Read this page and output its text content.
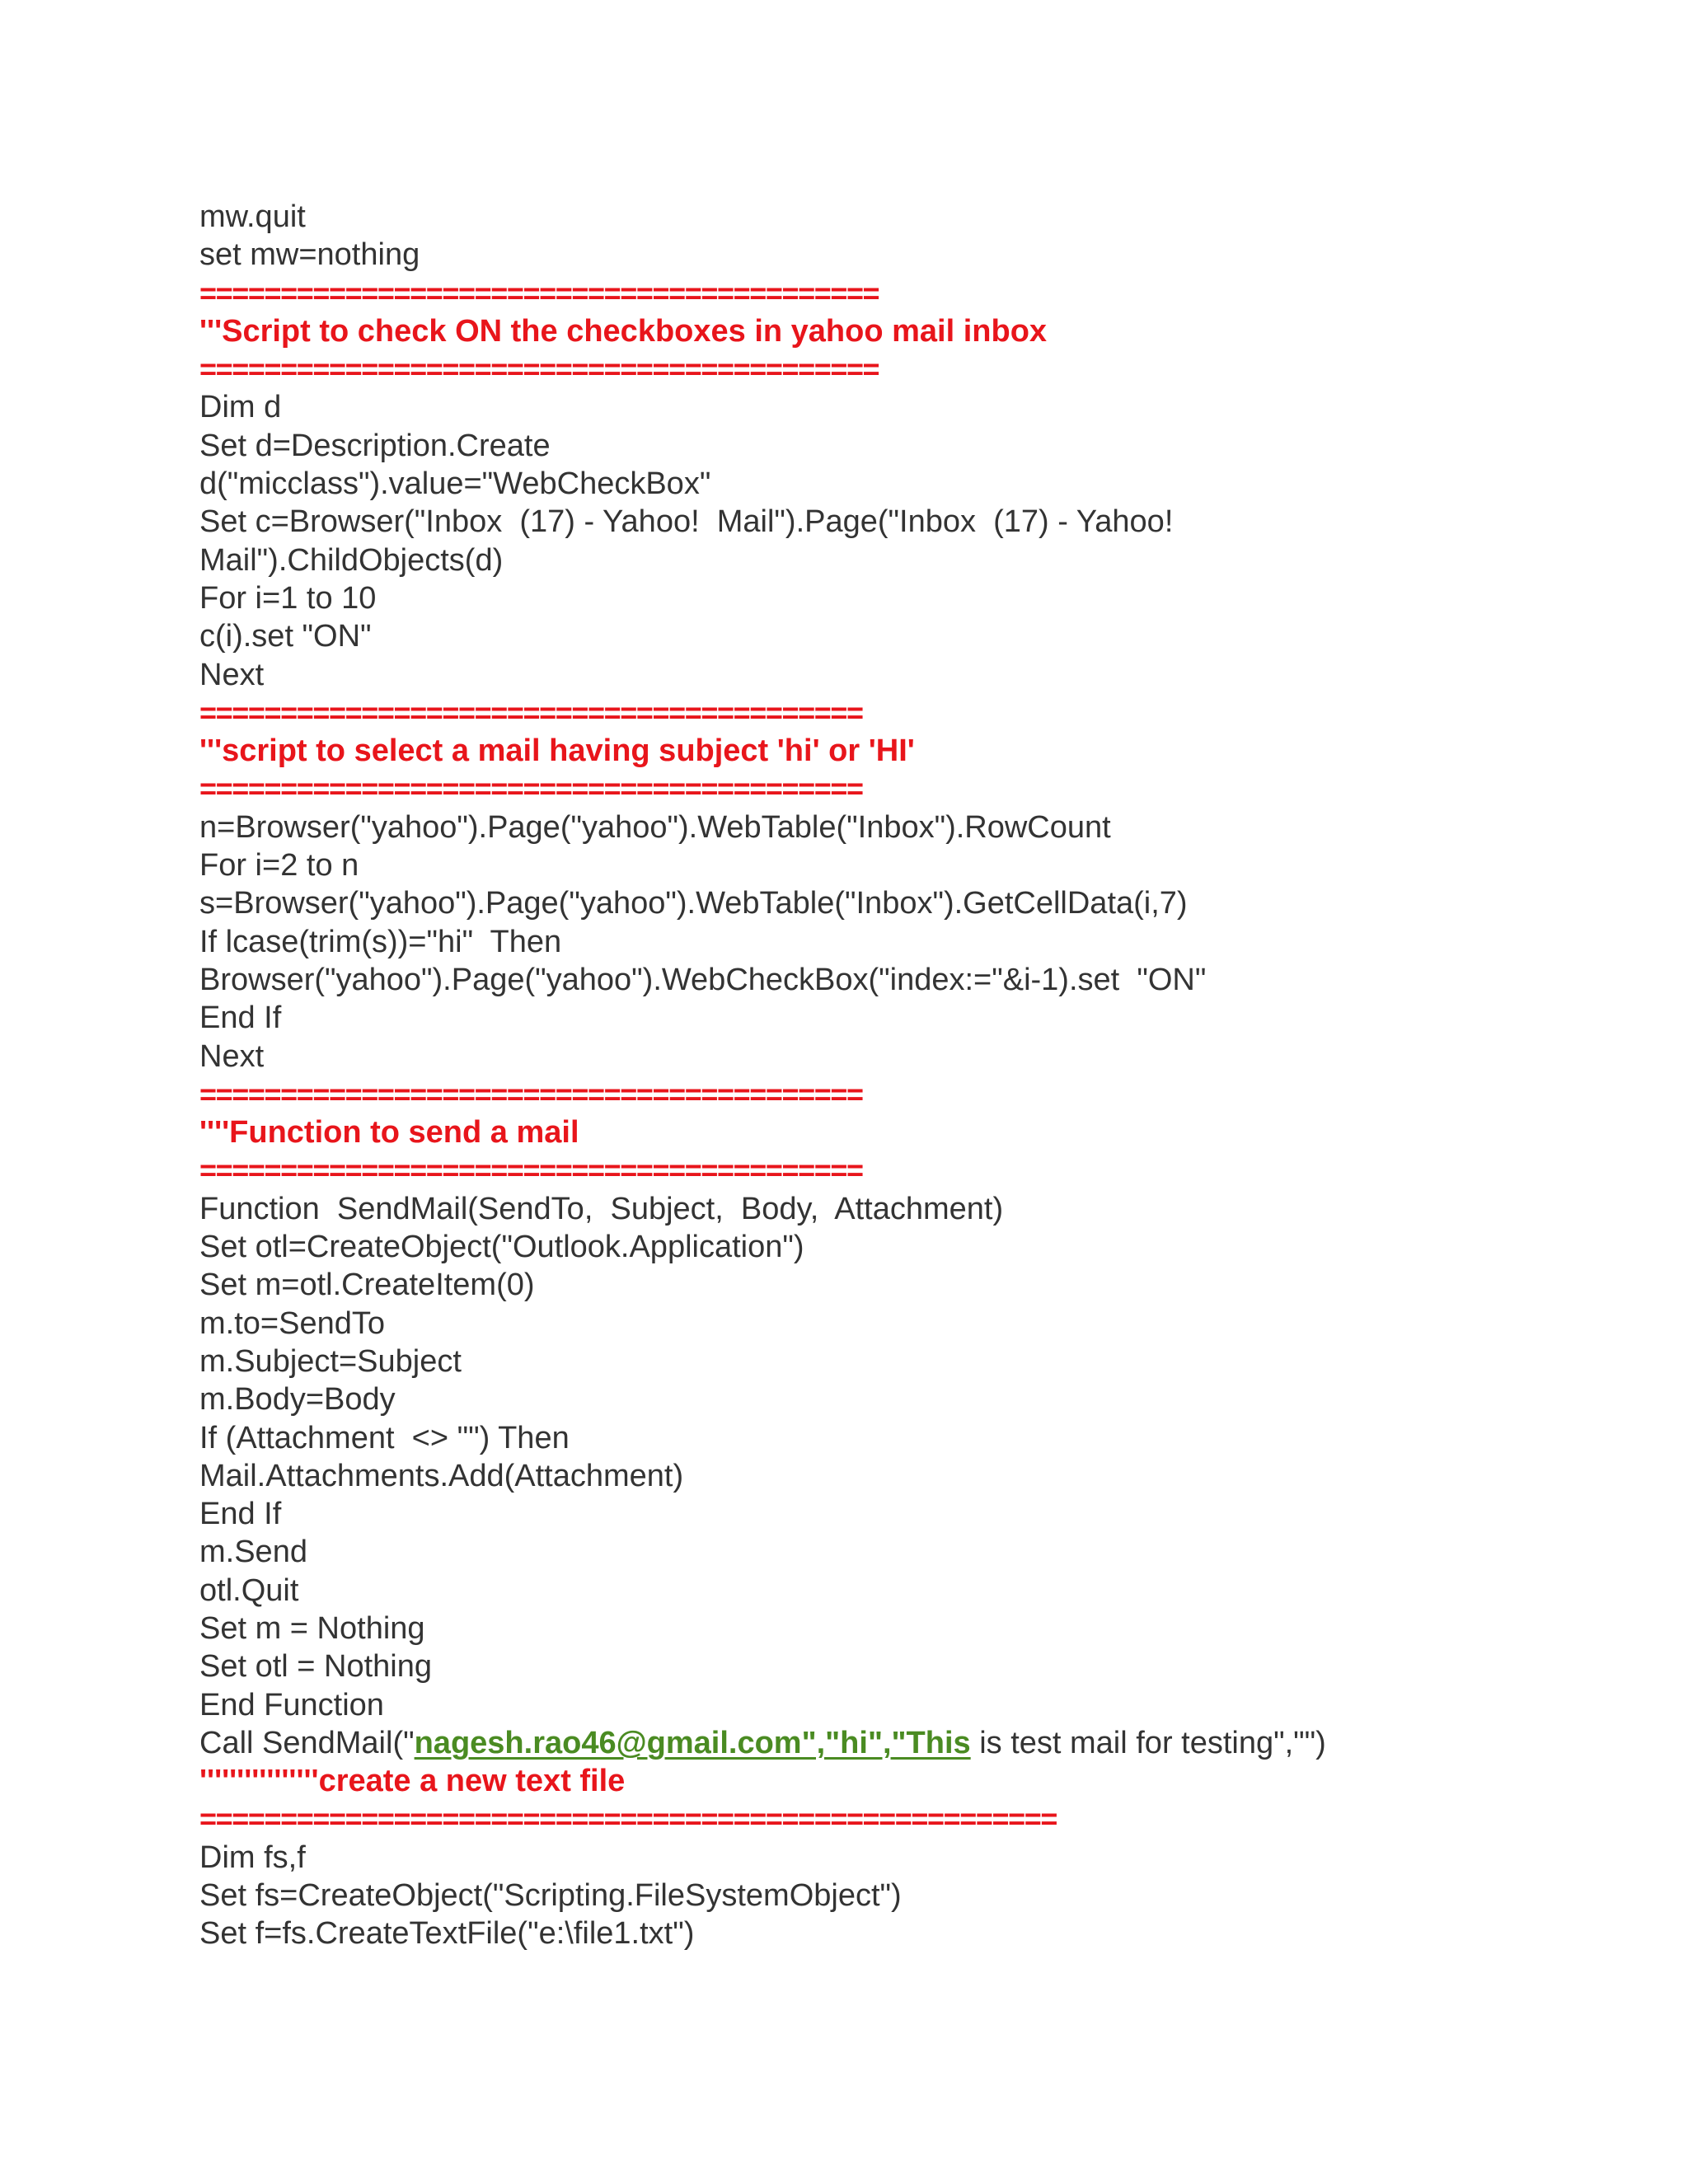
mw.quit
set mw=nothing
==========================================
'''Script to check ON the checkboxes in yahoo mail inbox
==========================================
Dim d
Set d=Description.Create
d("micclass").value="WebCheckBox"
Set c=Browser("Inbox  (17) - Yahoo!  Mail").Page("Inbox  (17) - Yahoo!
Mail").ChildObjects(d)
For i=1 to 10
c(i).set "ON"
Next
=========================================
'''script to select a mail having subject 'hi' or 'HI'
=========================================
n=Browser("yahoo").Page("yahoo").WebTable("Inbox").RowCount
For i=2 to n
s=Browser("yahoo").Page("yahoo").WebTable("Inbox").GetCellData(i,7)
If lcase(trim(s))="hi"  Then
Browser("yahoo").Page("yahoo").WebCheckBox("index:="&i-1).set  "ON"
End If
Next
=========================================
''''Function to send a mail
=========================================
Function  SendMail(SendTo,  Subject,  Body,  Attachment)
Set otl=CreateObject("Outlook.Application")
Set m=otl.CreateItem(0)
m.to=SendTo
m.Subject=Subject
m.Body=Body
If (Attachment  <> "") Then
Mail.Attachments.Add(Attachment)
End If
m.Send
otl.Quit
Set m = Nothing
Set otl = Nothing
End Function
Call SendMail("nagesh.rao46@gmail.com","hi","This is test mail for testing","")
''''''''''''''''create a new text file
=====================================================
Dim fs,f
Set fs=CreateObject("Scripting.FileSystemObject")
Set f=fs.CreateTextFile("e:\file1.txt")
